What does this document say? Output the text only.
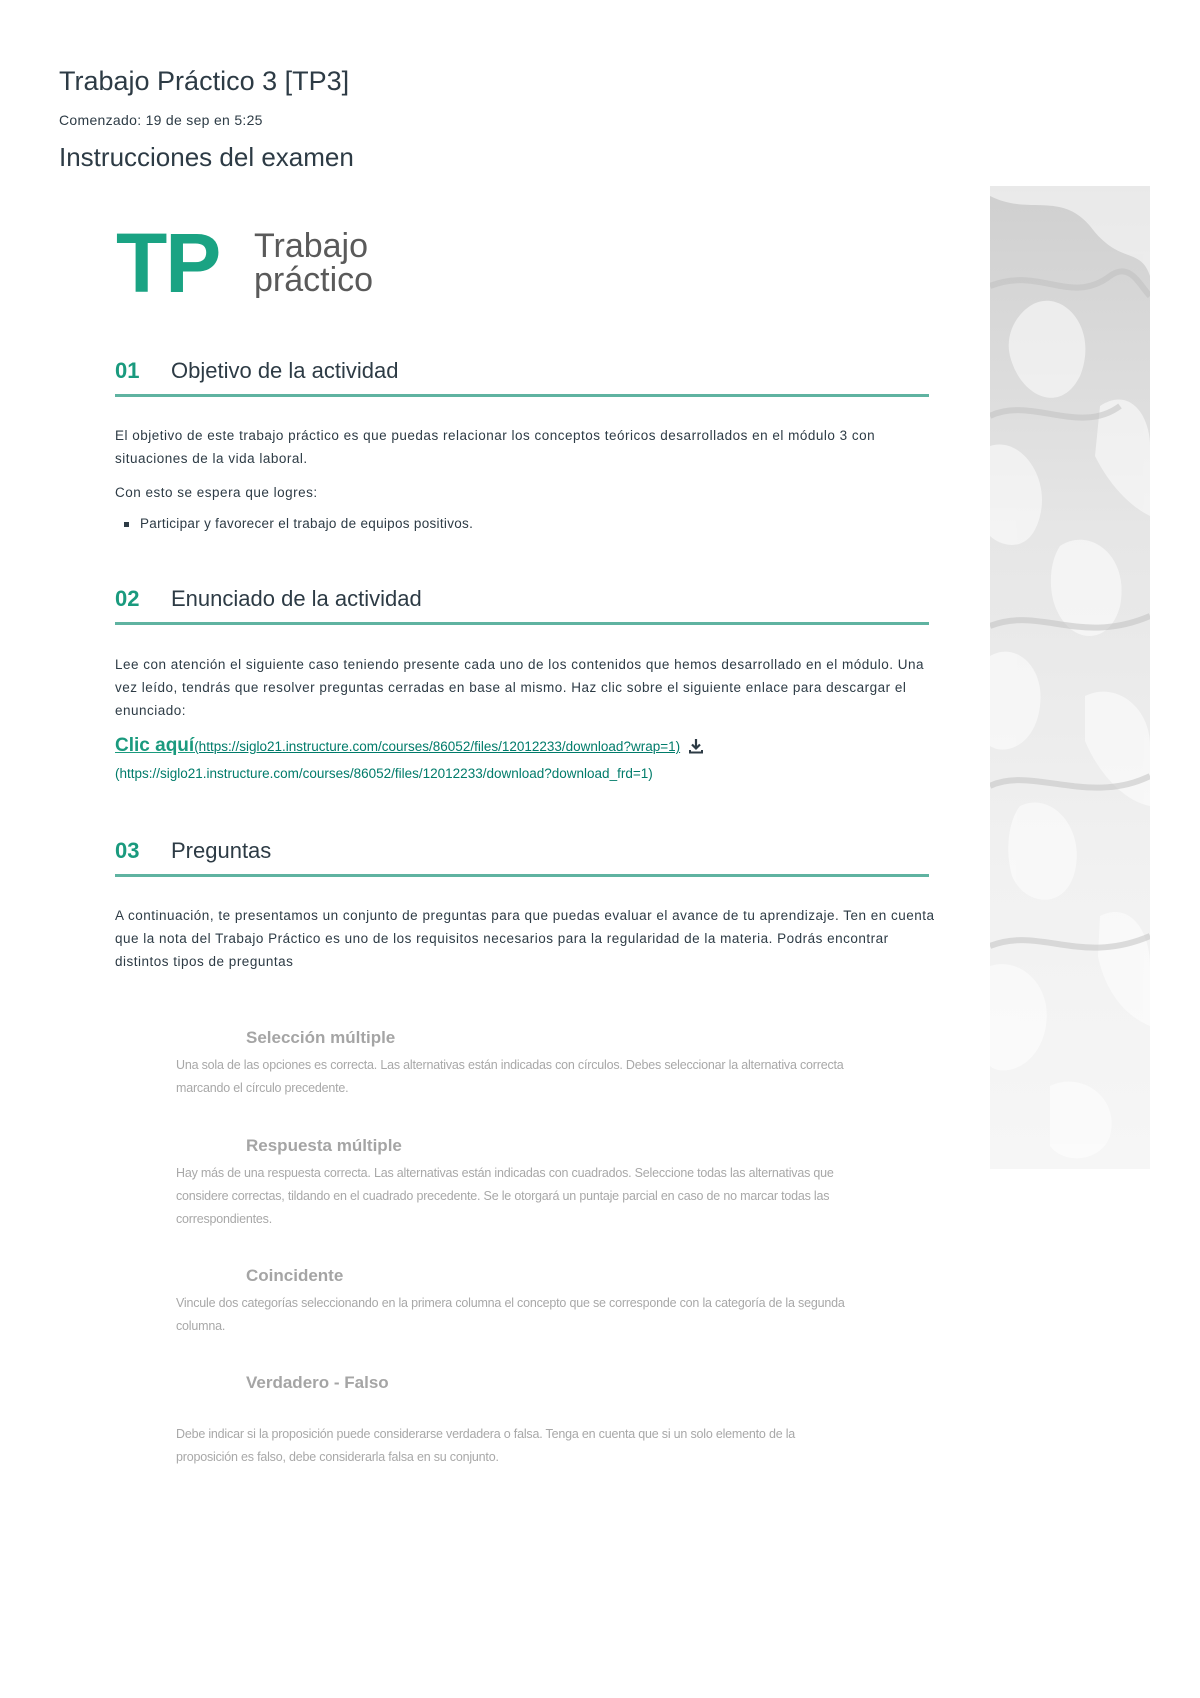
Trabajo Práctico 3 [TP3]

Comenzado: 19 de sep en 5:25

Instrucciones del examen
TP Trabajo
práctico
01 Objetivo de la actividad

El objetivo de este trabajo práctico es que puedas relacionar los conceptos teóricos desarrollados en el módulo 3 con situaciones de la vida laboral.

Con esto se espera que logres:

Participar y favorecer el trabajo de equipos positivos.
02 Enunciado de la actividad

Lee con atención el siguiente caso teniendo presente cada uno de los contenidos que hemos desarrollado en el módulo. Una vez leído, tendrás que resolver preguntas cerradas en base al mismo. Haz clic sobre el siguiente enlace para descargar el enunciado:

Clic aquí(https://siglo21.instructure.com/courses/86052/files/12012233/download?wrap=1)
(https://siglo21.instructure.com/courses/86052/files/12012233/download?download_frd=1)
03 Preguntas

A continuación, te presentamos un conjunto de preguntas para que puedas evaluar el avance de tu aprendizaje. Ten en cuenta que la nota del Trabajo Práctico es uno de los requisitos necesarios para la regularidad de la materia. Podrás encontrar distintos tipos de preguntas

Selección múltiple

Una sola de las opciones es correcta. Las alternativas están indicadas con círculos. Debes seleccionar la alternativa correcta marcando el círculo precedente.

Respuesta múltiple

Hay más de una respuesta correcta. Las alternativas están indicadas con cuadrados. Seleccione todas las alternativas que considere correctas, tildando en el cuadrado precedente. Se le otorgará un puntaje parcial en caso de no marcar todas las correspondientes.

Coincidente

Vincule dos categorías seleccionando en la primera columna el concepto que se corresponde con la categoría de la segunda columna.

Verdadero - Falso

Debe indicar si la proposición puede considerarse verdadera o falsa. Tenga en cuenta que si un solo elemento de la proposición es falso, debe considerarla falsa en su conjunto.
